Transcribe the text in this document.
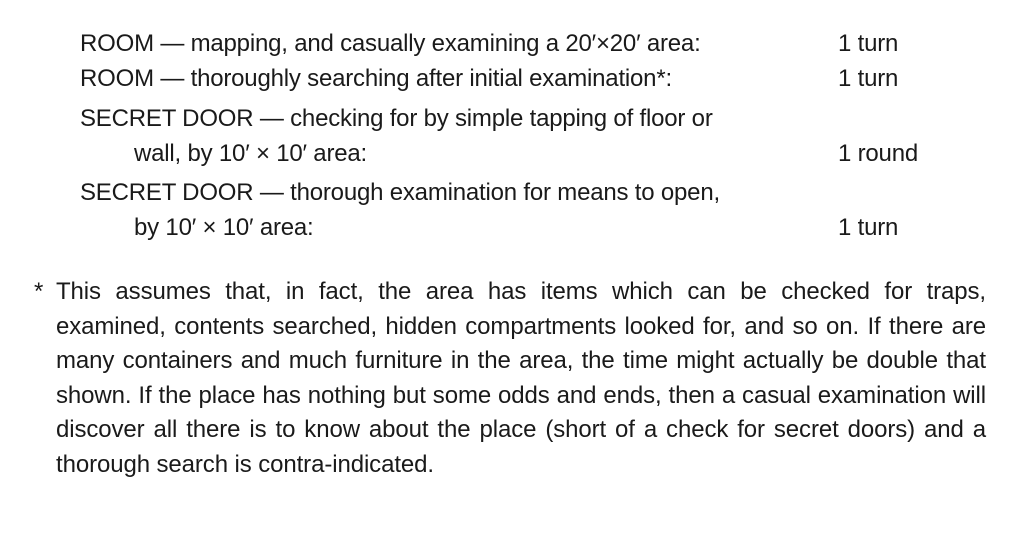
ROOM — mapping, and casually examining a 20′×20′ area:	1 turn
ROOM — thoroughly searching after initial examination*:	1 turn
SECRET DOOR — checking for by simple tapping of floor or
wall, by 10′ × 10′ area:	1 round
SECRET DOOR — thorough examination for means to open,
by 10′ × 10′ area:	1 turn
* This assumes that, in fact, the area has items which can be checked for traps, examined, contents searched, hidden compartments looked for, and so on. If there are many containers and much furniture in the area, the time might actually be double that shown. If the place has nothing but some odds and ends, then a casual examination will discover all there is to know about the place (short of a check for secret doors) and a thorough search is contra-indicated.
